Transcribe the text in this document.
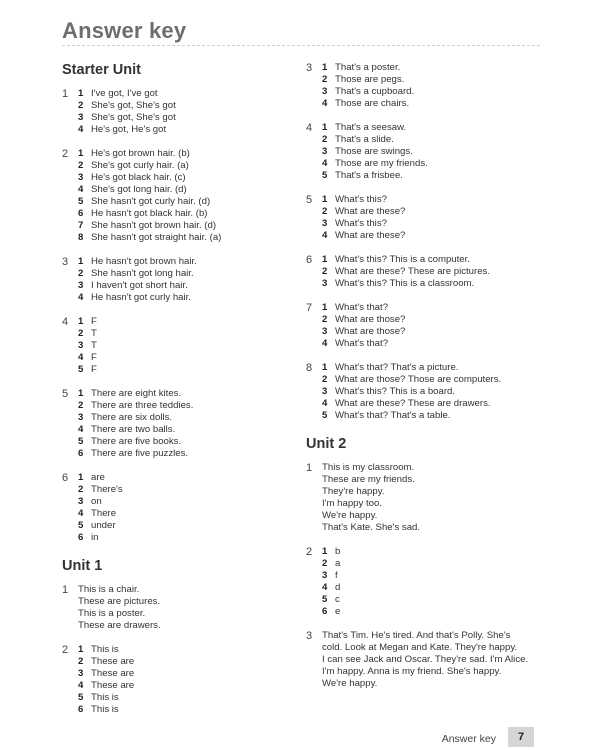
Answer key
Starter Unit
1	1 I've got, I've got
2 She's got, She's got
3 She's got, She's got
4 He's got, He's got
2	1 He's got brown hair. (b)
2 She's got curly hair. (a)
3 He's got black hair. (c)
4 She's got long hair. (d)
5 She hasn't got curly hair. (d)
6 He hasn't got black hair. (b)
7 She hasn't got brown hair. (d)
8 She hasn't got straight hair. (a)
3	1 He hasn't got brown hair.
2 She hasn't got long hair.
3 I haven't got short hair.
4 He hasn't got curly hair.
4	1 F
2 T
3 T
4 F
5 F
5	1 There are eight kites.
2 There are three teddies.
3 There are six dolls.
4 There are two balls.
5 There are five books.
6 There are five puzzles.
6	1 are
2 There's
3 on
4 There
5 under
6 in
Unit 1
1	This is a chair.
These are pictures.
This is a poster.
These are drawers.
2	1 This is
2 These are
3 These are
4 These are
5 This is
6 This is
3	1 That's a poster.
2 Those are pegs.
3 That's a cupboard.
4 Those are chairs.
4	1 That's a seesaw.
2 That's a slide.
3 Those are swings.
4 Those are my friends.
5 That's a frisbee.
5	1 What's this?
2 What are these?
3 What's this?
4 What are these?
6	1 What's this? This is a computer.
2 What are these? These are pictures.
3 What's this? This is a classroom.
7	1 What's that?
2 What are those?
3 What are those?
4 What's that?
8	1 What's that? That's a picture.
2 What are those? Those are computers.
3 What's this? This is a board.
4 What are these? These are drawers.
5 What's that? That's a table.
Unit 2
1	This is my classroom.
These are my friends.
They're happy.
I'm happy too.
We're happy.
That's Kate. She's sad.
2	1 b
2 a
3 f
4 d
5 c
6 e
3	That's Tim. He's tired. And that's Polly. She's
cold. Look at Megan and Kate. They're happy.
I can see Jack and Oscar. They're sad. I'm Alice.
I'm happy. Anna is my friend. She's happy.
We're happy.
Answer key	7
